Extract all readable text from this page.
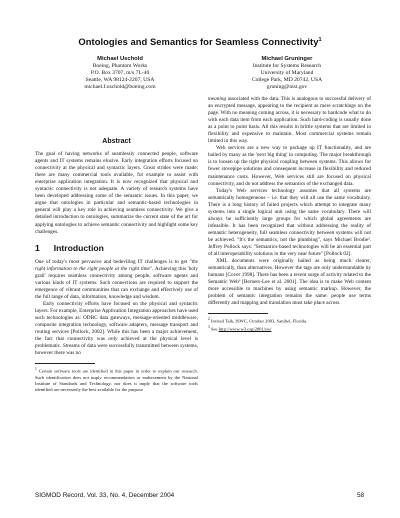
Ontologies and Semantics for Seamless Connectivity$^1$
Michael Uschold
Boeing, Phantom Works
P.O. Box 3707, m/s 7L-40
Seattle, WA 98124-2207, USA
michael.f.uschold@boeing.com
Michael Gruninger
Institute for Systems Research
University of Maryland
College Park, MD 20742, USA
gruning@nist.gov
Abstract

The goal of having networks of seamlessly connected people, software agents and IT systems remains elusive. Early integration efforts focused on connectivity at the physical and syntactic layers. Great strides were made; there are many commercial tools available, for example to assist with enterprise application integration. It is now recognized that physical and syntactic connectivity is not adequate. A variety of research systems have been developed addressing some of the semantic issues. In this paper, we argue that ontologies in particular and semantic-based technologies in general will play a key role in achieving seamless connectivity. We give a detailed introduction to ontologies, summarize the current state of the art for applying ontologies to achieve semantic connectivity and highlight some key challenges.

1 Introduction

One of today's most pervasive and bedeviling IT challenges is to get "the right information to the right people at the right time". Achieving this 'holy grail' requires seamless connectivity among people, software agents and various kinds of IT systems. Such connections are required to support the emergence of vibrant communities that can exchange and effectively use of the full range of data, information, knowledge and wisdom.

Early connectivity efforts have focused on the physical and syntactic layers. For example, Enterprise Application Integration approaches have used such technologies as: ODBC data gateways, message-oriented middleware, composite integration technology, software adapters, message transport and routing services [Pollock, 2002]. While this has been a major achievement, the fact that connectivity was only achieved at the physical level is problematic. Streams of data were successfully transmitted between systems, however there was no

$^1$ Certain software tools are identified in this paper in order to explain our research. Such identification does not imply recommendation or endorsement by the National Institute of Standards and Technology, nor does it imply that the software tools identified are necessarily the best available for the purpose

meaning associated with the data. This is analogous to successful delivery of an encrypted message, appearing to the recipient as mere scratchings on the page. With no meaning coming across, it is necessary to hardcode what to do with each data item from each application. Such hard-coding is usually done as a point to point basis. All this results in brittle systems that are limited in flexibility and expensive to maintain. Most commercial systems remain limited in this way.

Web services are a new way to package up IT functionality, and are hailed by many as the 'next big thing' in computing. The major breakthrough is to loosen up the tight physical coupling between systems. This allows for fewer stovepipe solutions and consequent increase in flexibility and reduced maintenance costs. However, Web services still are focused on physical connectivity, and do not address the semantics of the exchanged data.

Today's Web services technology assumes that all systems are semantically homogeneous – i.e. that they will all use the same vocabulary. There is a long history of failed projects which attempt to integrate many systems into a single logical unit using the same vocabulary. There will always be sufficiently large groups for which global agreements are infeasible. It has been recognized that without addressing the reality of semantic heterogeneity, full seamless connectivity between systems will not be achieved. "It's the semantics, not the plumbing", says Michael Brodie². Jeffrey Pollock says: "Semantics-based technologies will be an essential part of all interoperability solutions in the very near future" [Pollock 02].

XML documents were originally hailed as being much clearer, semantically, than alternatives. However the tags are only understandable by humans [Cover 1998]. There has been a recent surge of activity related to the Semantic Web³ [Berners-Lee et al. 2001]. The idea is to make Web content more accessible to machines by using semantic markup. However, the problem of semantic integration remains the same: people use terms differently and mapping and translation must take place across

$^2$ Invited Talk, ISWC, October 2003, Sanibel, Florida.

$^3$ See http://www.w3.org/2001/sw/

SIGMOD Record, Vol. 33, No. 4, December 2004	58
